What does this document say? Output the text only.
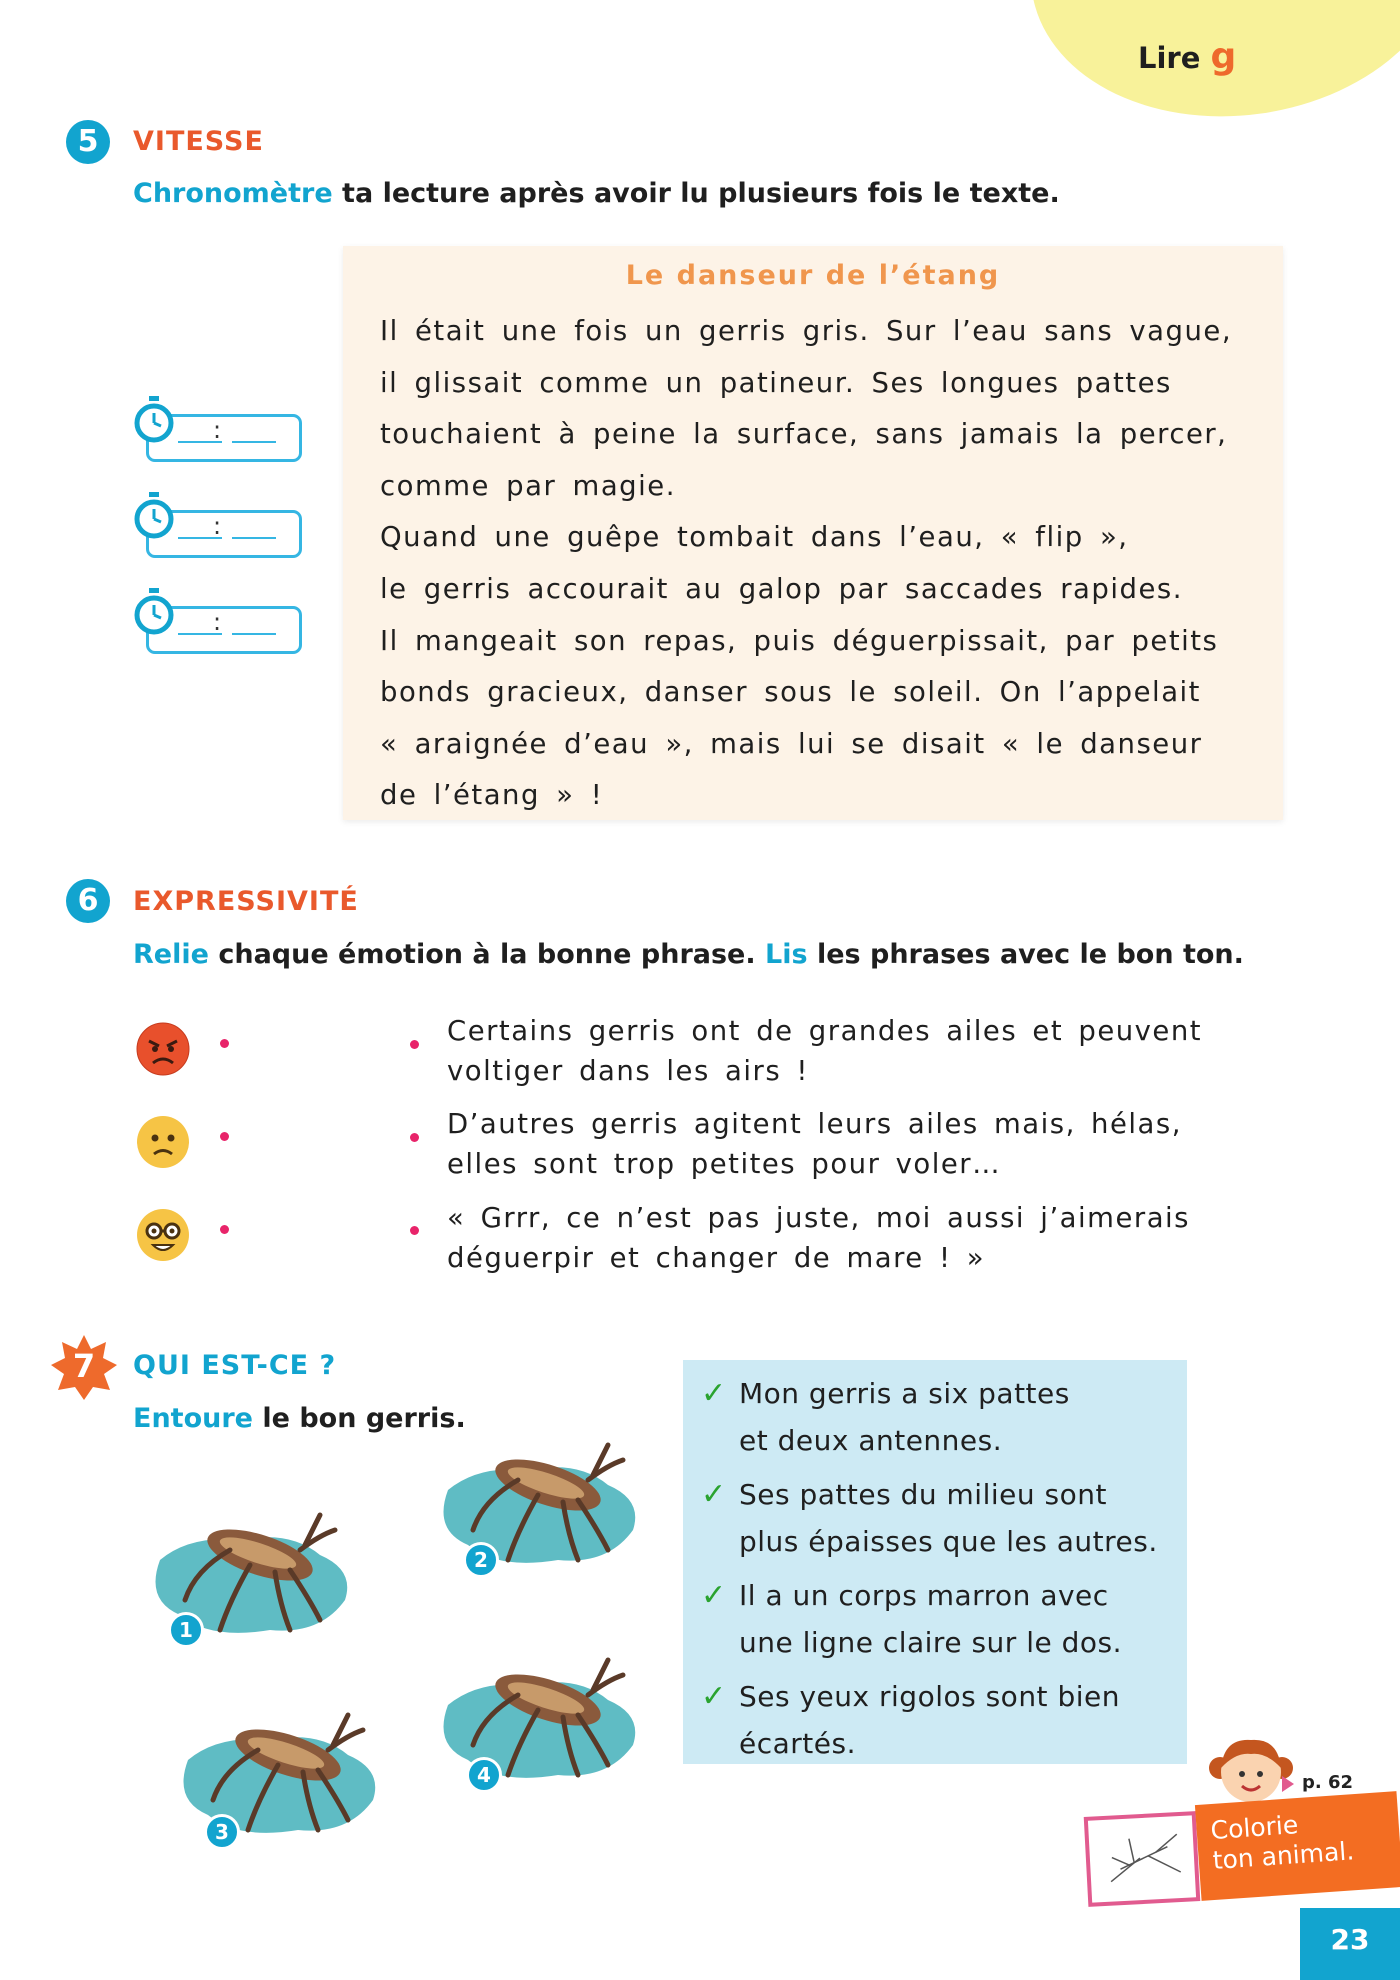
Lire g
5	VITESSE
Chronomètre ta lecture après avoir lu plusieurs fois le texte.
:
:
:
Le danseur de l’étang
Il était une fois un gerris gris. Sur l’eau sans vague,
il glissait comme un patineur. Ses longues pattes
touchaient à peine la surface, sans jamais la percer,
comme par magie.
Quand une guêpe tombait dans l’eau, « flip »,
le gerris accourait au galop par saccades rapides.
Il mangeait son repas, puis déguerpissait, par petits
bonds gracieux, danser sous le soleil. On l’appelait
« araignée d’eau », mais lui se disait « le danseur
de l’étang » !
6	EXPRESSIVITÉ
Relie chaque émotion à la bonne phrase. Lis les phrases avec le bon ton.
Certains gerris ont de grandes ailes et peuvent
voltiger dans les airs !
D’autres gerris agitent leurs ailes mais, hélas,
elles sont trop petites pour voler…
« Grrr, ce n’est pas juste, moi aussi j’aimerais
déguerpir et changer de mare ! »
7	QUI EST-CE ?
Entoure le bon gerris.
1
2
3
4
✓ Mon gerris a six pattes
et deux antennes.
✓ Ses pattes du milieu sont
plus épaisses que les autres.
✓ Il a un corps marron avec
une ligne claire sur le dos.
✓ Ses yeux rigolos sont bien
écartés.
p. 62
Colorie
ton animal.
23
